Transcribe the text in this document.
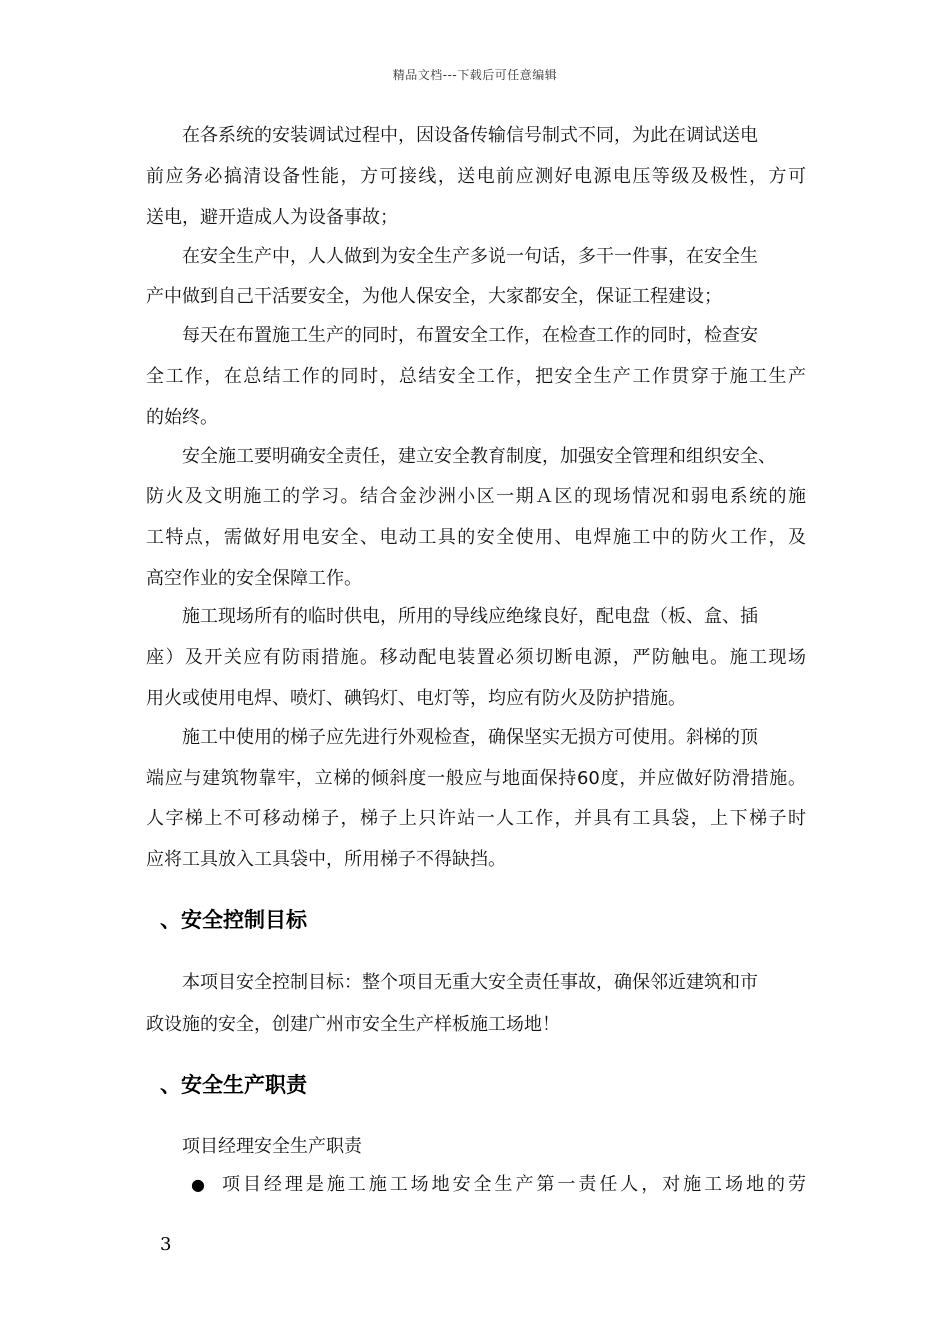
精品文档---下载后可任意编辑
在各系统的安装调试过程中，因设备传输信号制式不同，为此在调试送电
前应务必搞清设备性能，方可接线，送电前应测好电源电压等级及极性，方可
送电，避开造成人为设备事故；
在安全生产中，人人做到为安全生产多说一句话，多干一件事，在安全生
产中做到自己干活要安全，为他人保安全，大家都安全，保证工程建设；
每天在布置施工生产的同时，布置安全工作，在检查工作的同时，检查安
全工作，在总结工作的同时，总结安全工作，把安全生产工作贯穿于施工生产
的始终。
安全施工要明确安全责任，建立安全教育制度，加强安全管理和组织安全、
防火及文明施工的学习。结合金沙洲小区一期Ａ区的现场情况和弱电系统的施
工特点，需做好用电安全、电动工具的安全使用、电焊施工中的防火工作，及
高空作业的安全保障工作。
施工现场所有的临时供电，所用的导线应绝缘良好，配电盘（板、盒、插
座）及开关应有防雨措施。移动配电装置必须切断电源，严防触电。施工现场
用火或使用电焊、喷灯、碘钨灯、电灯等，均应有防火及防护措施。
施工中使用的梯子应先进行外观检查，确保坚实无损方可使用。斜梯的顶
端应与建筑物靠牢，立梯的倾斜度一般应与地面保持60度，并应做好防滑措施。
人字梯上不可移动梯子，梯子上只许站一人工作，并具有工具袋，上下梯子时
应将工具放入工具袋中，所用梯子不得缺挡。
、安全控制目标
本项目安全控制目标：整个项目无重大安全责任事故，确保邻近建筑和市
政设施的安全，创建广州市安全生产样板施工场地！
、安全生产职责
项目经理安全生产职责
● 项目经理是施工施工场地安全生产第一责任人，对施工场地的劳
3
